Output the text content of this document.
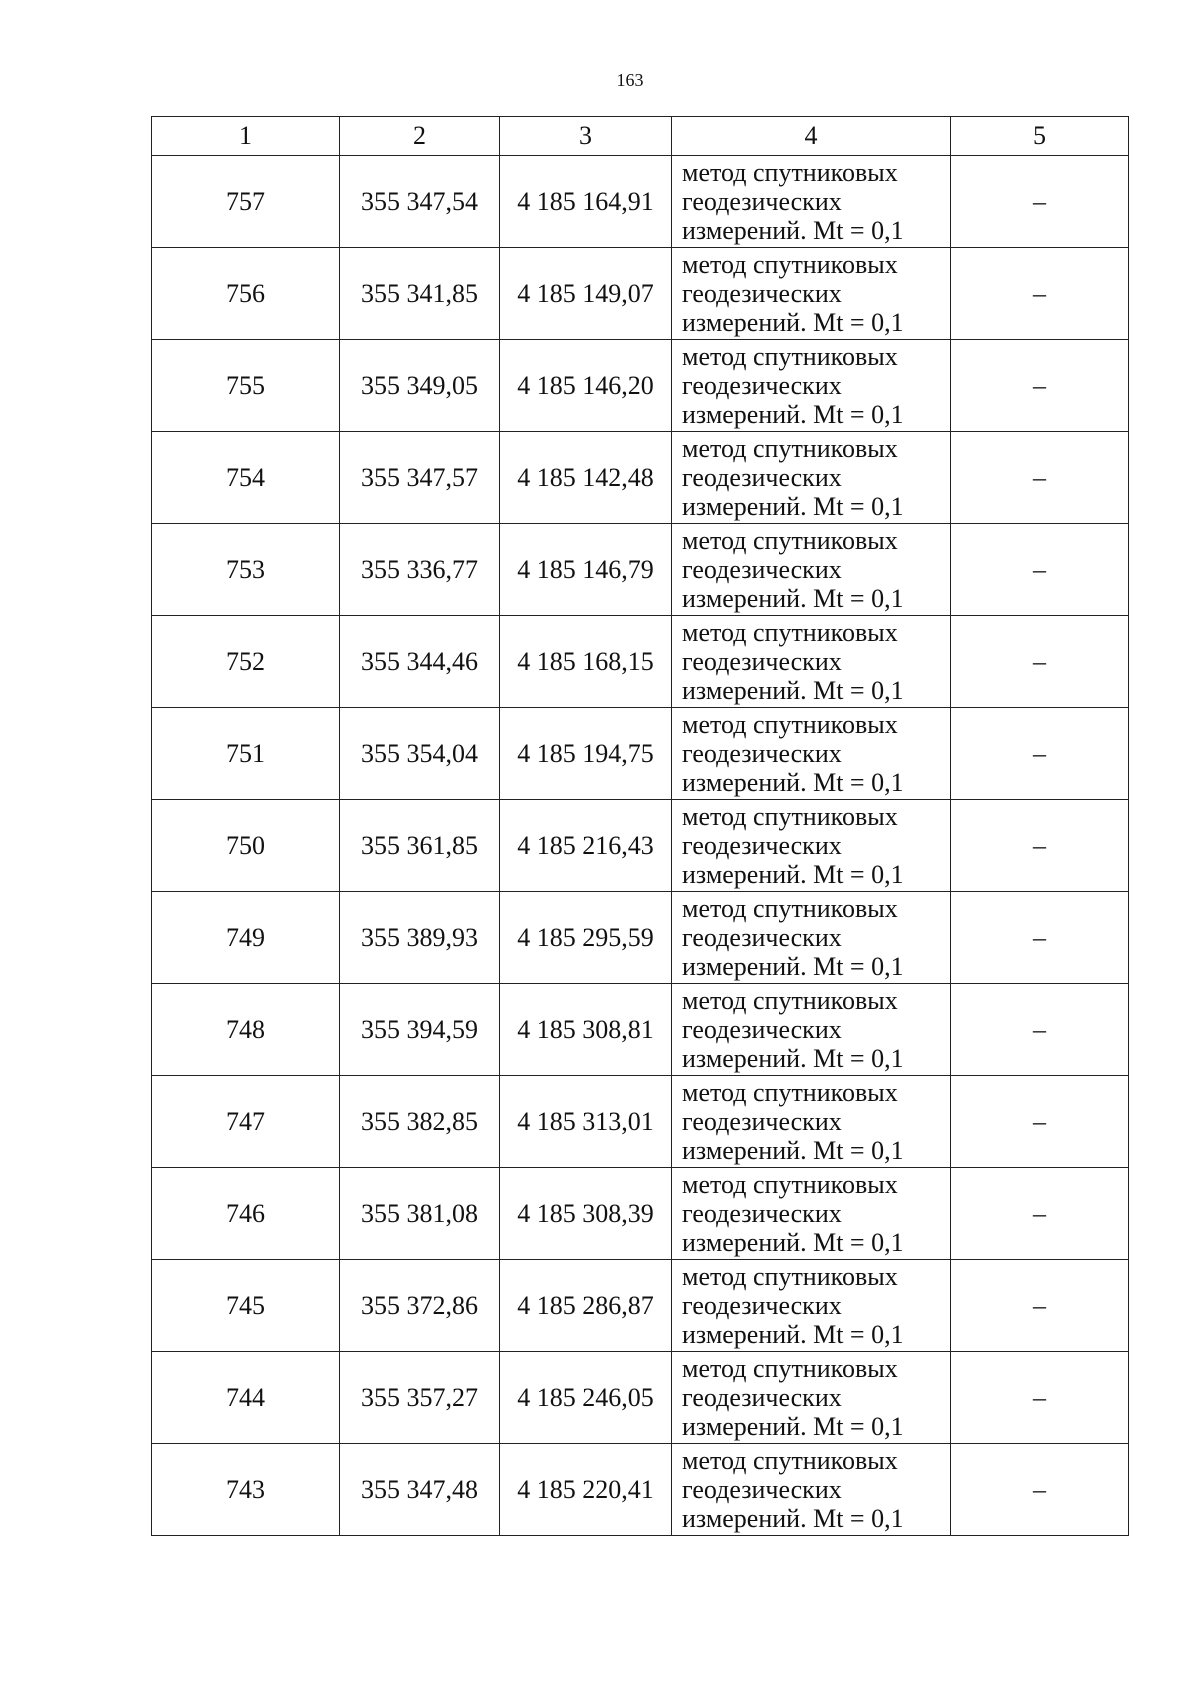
163
1	2	3	4	5
757	355 347,54	4 185 164,91	метод спутниковых
геодезических
измерений. Mt = 0,1	–
756	355 341,85	4 185 149,07	метод спутниковых
геодезических
измерений. Mt = 0,1	–
755	355 349,05	4 185 146,20	метод спутниковых
геодезических
измерений. Mt = 0,1	–
754	355 347,57	4 185 142,48	метод спутниковых
геодезических
измерений. Mt = 0,1	–
753	355 336,77	4 185 146,79	метод спутниковых
геодезических
измерений. Mt = 0,1	–
752	355 344,46	4 185 168,15	метод спутниковых
геодезических
измерений. Mt = 0,1	–
751	355 354,04	4 185 194,75	метод спутниковых
геодезических
измерений. Mt = 0,1	–
750	355 361,85	4 185 216,43	метод спутниковых
геодезических
измерений. Mt = 0,1	–
749	355 389,93	4 185 295,59	метод спутниковых
геодезических
измерений. Mt = 0,1	–
748	355 394,59	4 185 308,81	метод спутниковых
геодезических
измерений. Mt = 0,1	–
747	355 382,85	4 185 313,01	метод спутниковых
геодезических
измерений. Mt = 0,1	–
746	355 381,08	4 185 308,39	метод спутниковых
геодезических
измерений. Mt = 0,1	–
745	355 372,86	4 185 286,87	метод спутниковых
геодезических
измерений. Mt = 0,1	–
744	355 357,27	4 185 246,05	метод спутниковых
геодезических
измерений. Mt = 0,1	–
743	355 347,48	4 185 220,41	метод спутниковых
геодезических
измерений. Mt = 0,1	–
